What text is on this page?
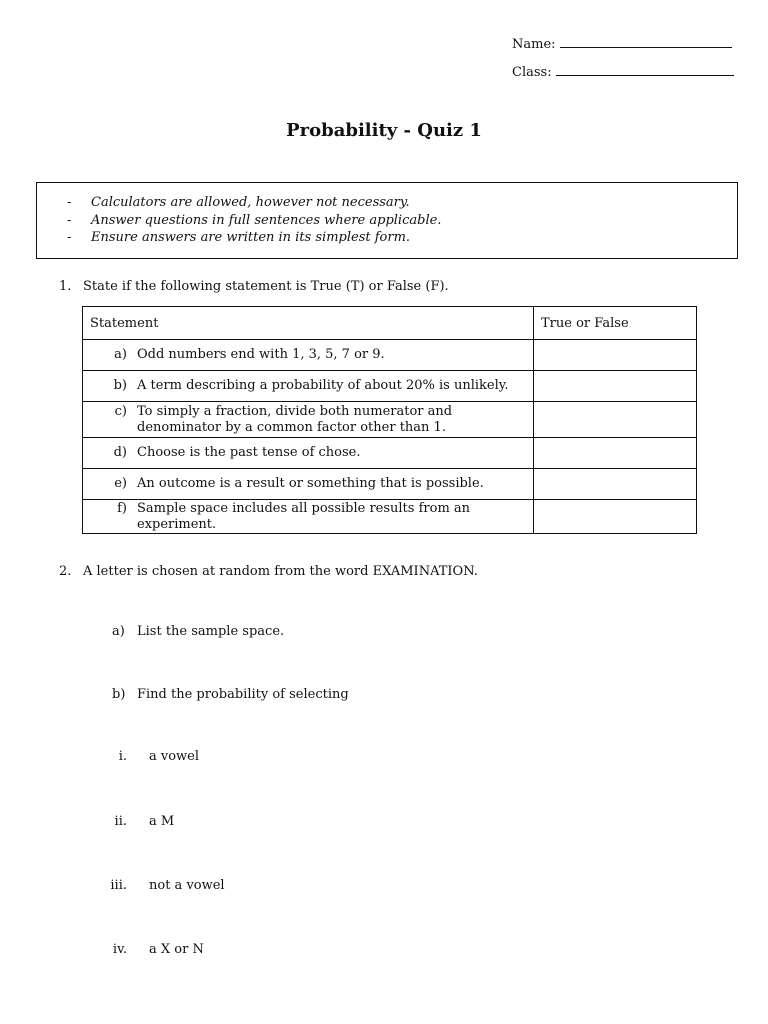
Name:
Class:
Probability - Quiz 1
- Calculators are allowed, however not necessary.
- Answer questions in full sentences where applicable.
- Ensure answers are written in its simplest form.
1. State if the following statement is True (T) or False (F).
Statement	True or False

a) Odd numbers end with 1, 3, 5, 7 or 9.	

b) A term describing a probability of about 20% is unlikely.	

c) To simply a fraction, divide both numerator and denominator by a common factor other than 1.	

d) Choose is the past tense of chose.	

e) An outcome is a result or something that is possible.	

f) Sample space includes all possible results from an experiment.	

2. A letter is chosen at random from the word EXAMINATION.
a) List the sample space.
b) Find the probability of selecting
i. a vowel
ii. a M
iii. not a vowel
iv. a X or N
